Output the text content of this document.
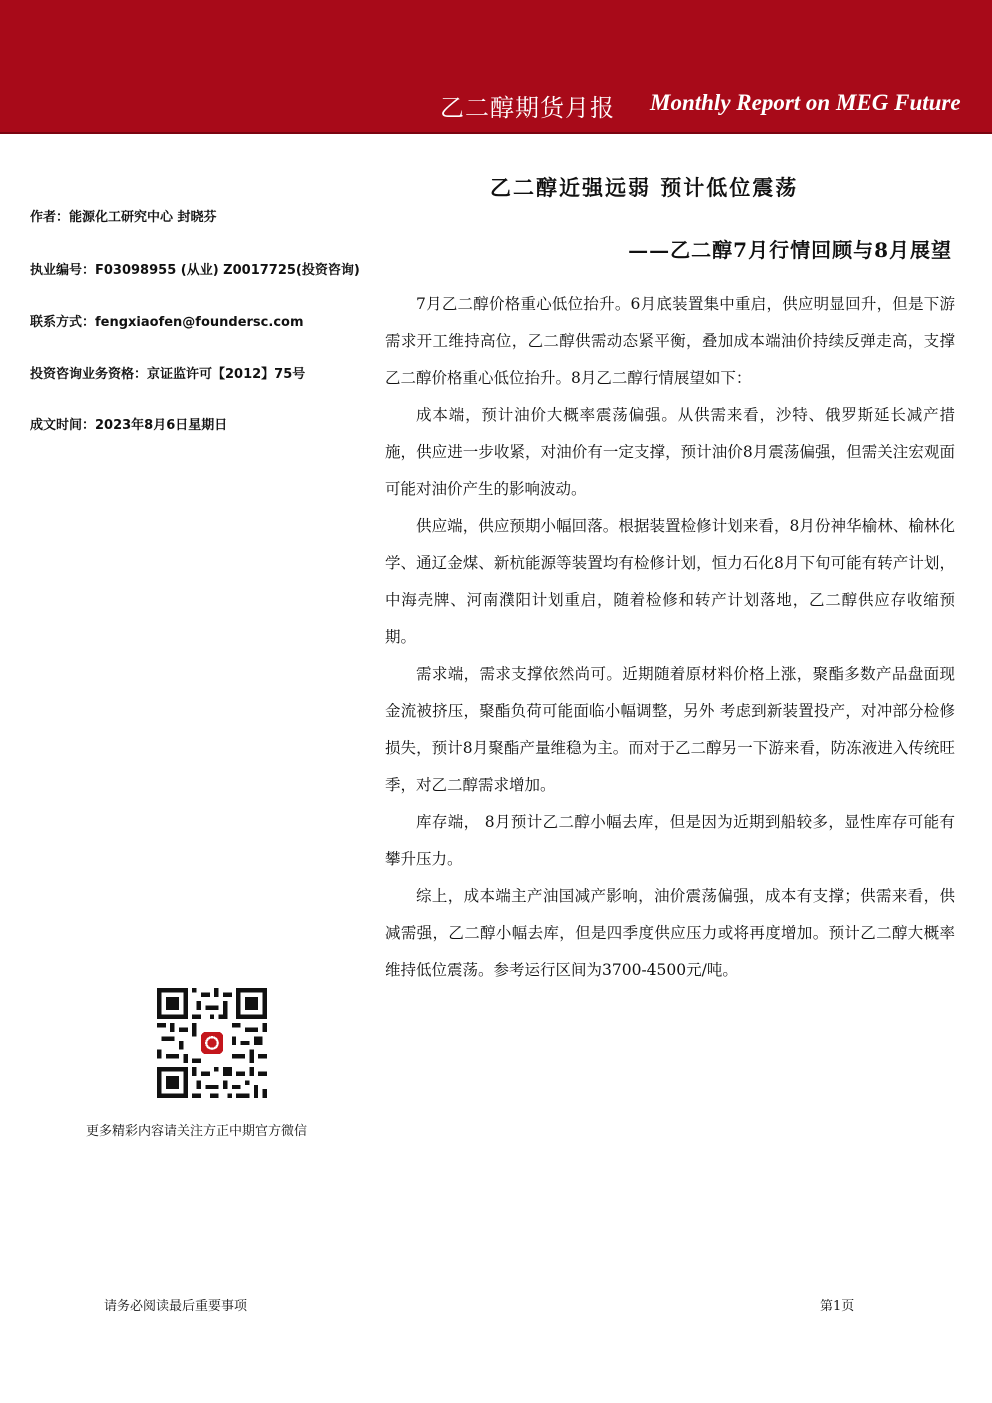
乙二醇期货月报 Monthly Report on MEG Future
乙二醇近强远弱 预计低位震荡
——乙二醇7月行情回顾与8月展望
作者：能源化工研究中心 封晓芬
执业编号：F03098955 (从业) Z0017725(投资咨询)
联系方式：fengxiaofen@foundersc.com
投资咨询业务资格：京证监许可【2012】75号
成文时间：2023年8月6日星期日

7月乙二醇价格重心低位抬升。6月底装置集中重启，供应明显回升，但是下游需求开工维持高位，乙二醇供需动态紧平衡，叠加成本端油价持续反弹走高，支撑乙二醇价格重心低位抬升。8月乙二醇行情展望如下：

成本端，预计油价大概率震荡偏强。从供需来看，沙特、俄罗斯延长减产措施，供应进一步收紧，对油价有一定支撑，预计油价8月震荡偏强，但需关注宏观面可能对油价产生的影响波动。

供应端，供应预期小幅回落。根据装置检修计划来看，8月份神华榆林、榆林化学、通辽金煤、新杭能源等装置均有检修计划，恒力石化8月下旬可能有转产计划，中海壳牌、河南濮阳计划重启，随着检修和转产计划落地，乙二醇供应存收缩预期。

需求端，需求支撑依然尚可。近期随着原材料价格上涨，聚酯多数产品盘面现金流被挤压，聚酯负荷可能面临小幅调整，另外 考虑到新装置投产，对冲部分检修损失，预计8月聚酯产量维稳为主。而对于乙二醇另一下游来看，防冻液进入传统旺季，对乙二醇需求增加。

库存端， 8月预计乙二醇小幅去库，但是因为近期到船较多，显性库存可能有攀升压力。

综上，成本端主产油国减产影响，油价震荡偏强，成本有支撑；供需来看，供减需强，乙二醇小幅去库，但是四季度供应压力或将再度增加。预计乙二醇大概率维持低位震荡。参考运行区间为3700-4500元/吨。

更多精彩内容请关注方正中期官方微信
请务必阅读最后重要事项	第1页
